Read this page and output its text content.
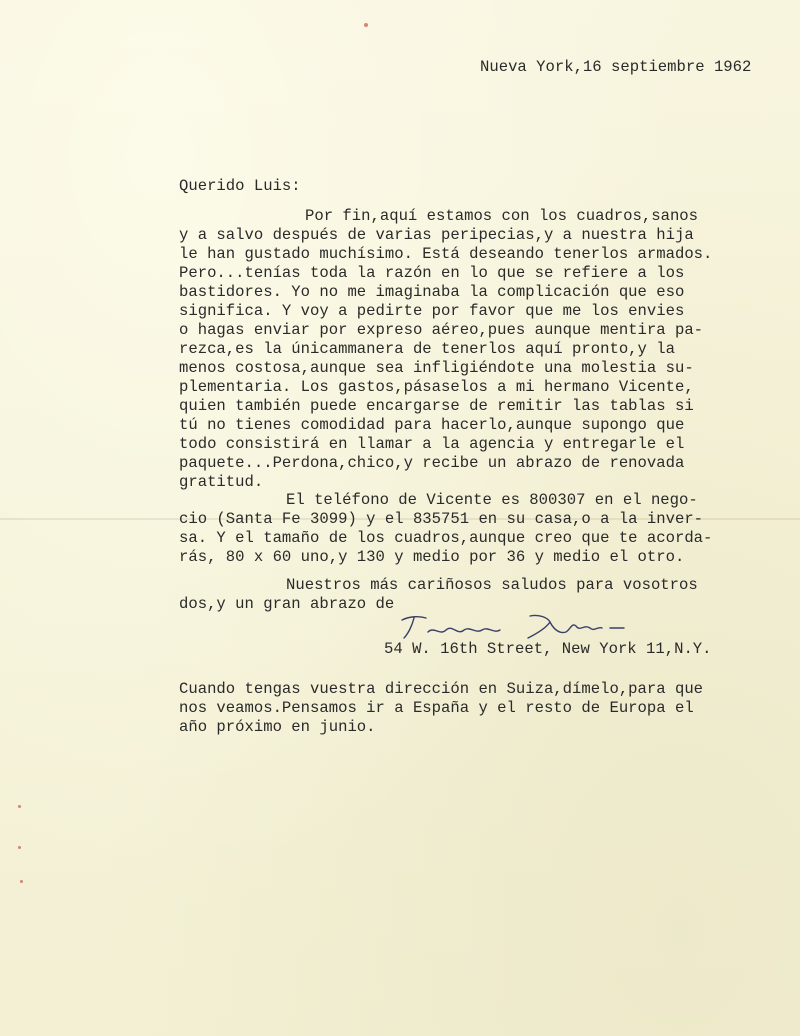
Nueva York,16 septiembre 1962
Querido Luis:
Por fin,aquí estamos con los cuadros,sanos
y a salvo después de varias peripecias,y a nuestra hija
le han gustado muchísimo. Está deseando tenerlos armados.
Pero...tenías toda la razón en lo que se refiere a los
bastidores. Yo no me imaginaba la complicación que eso
significa. Y voy a pedirte por favor que me los envies
o hagas enviar por expreso aéreo,pues aunque mentira pa-
rezca,es la únicammanera de tenerlos aquí pronto,y la
menos costosa,aunque sea infligiéndote una molestia su-
plementaria. Los gastos,pásaselos a mi hermano Vicente,
quien también puede encargarse de remitir las tablas si
tú no tienes comodidad para hacerlo,aunque supongo que
todo consistirá en llamar a la agencia y entregarle el
paquete...Perdona,chico,y recibe un abrazo de renovada
gratitud.
El teléfono de Vicente es 800307 en el nego-
cio (Santa Fe 3099) y el 835751 en su casa,o a la inver-
sa. Y el tamaño de los cuadros,aunque creo que te acorda-
rás, 80 x 60 uno,y 130 y medio por 36 y medio el otro.
Nuestros más cariñosos saludos para vosotros
dos,y un gran abrazo de
54 W. 16th Street, New York 11,N.Y.
Cuando tengas vuestra dirección en Suiza,dímelo,para que
nos veamos.Pensamos ir a España y el resto de Europa el
año próximo en junio.
